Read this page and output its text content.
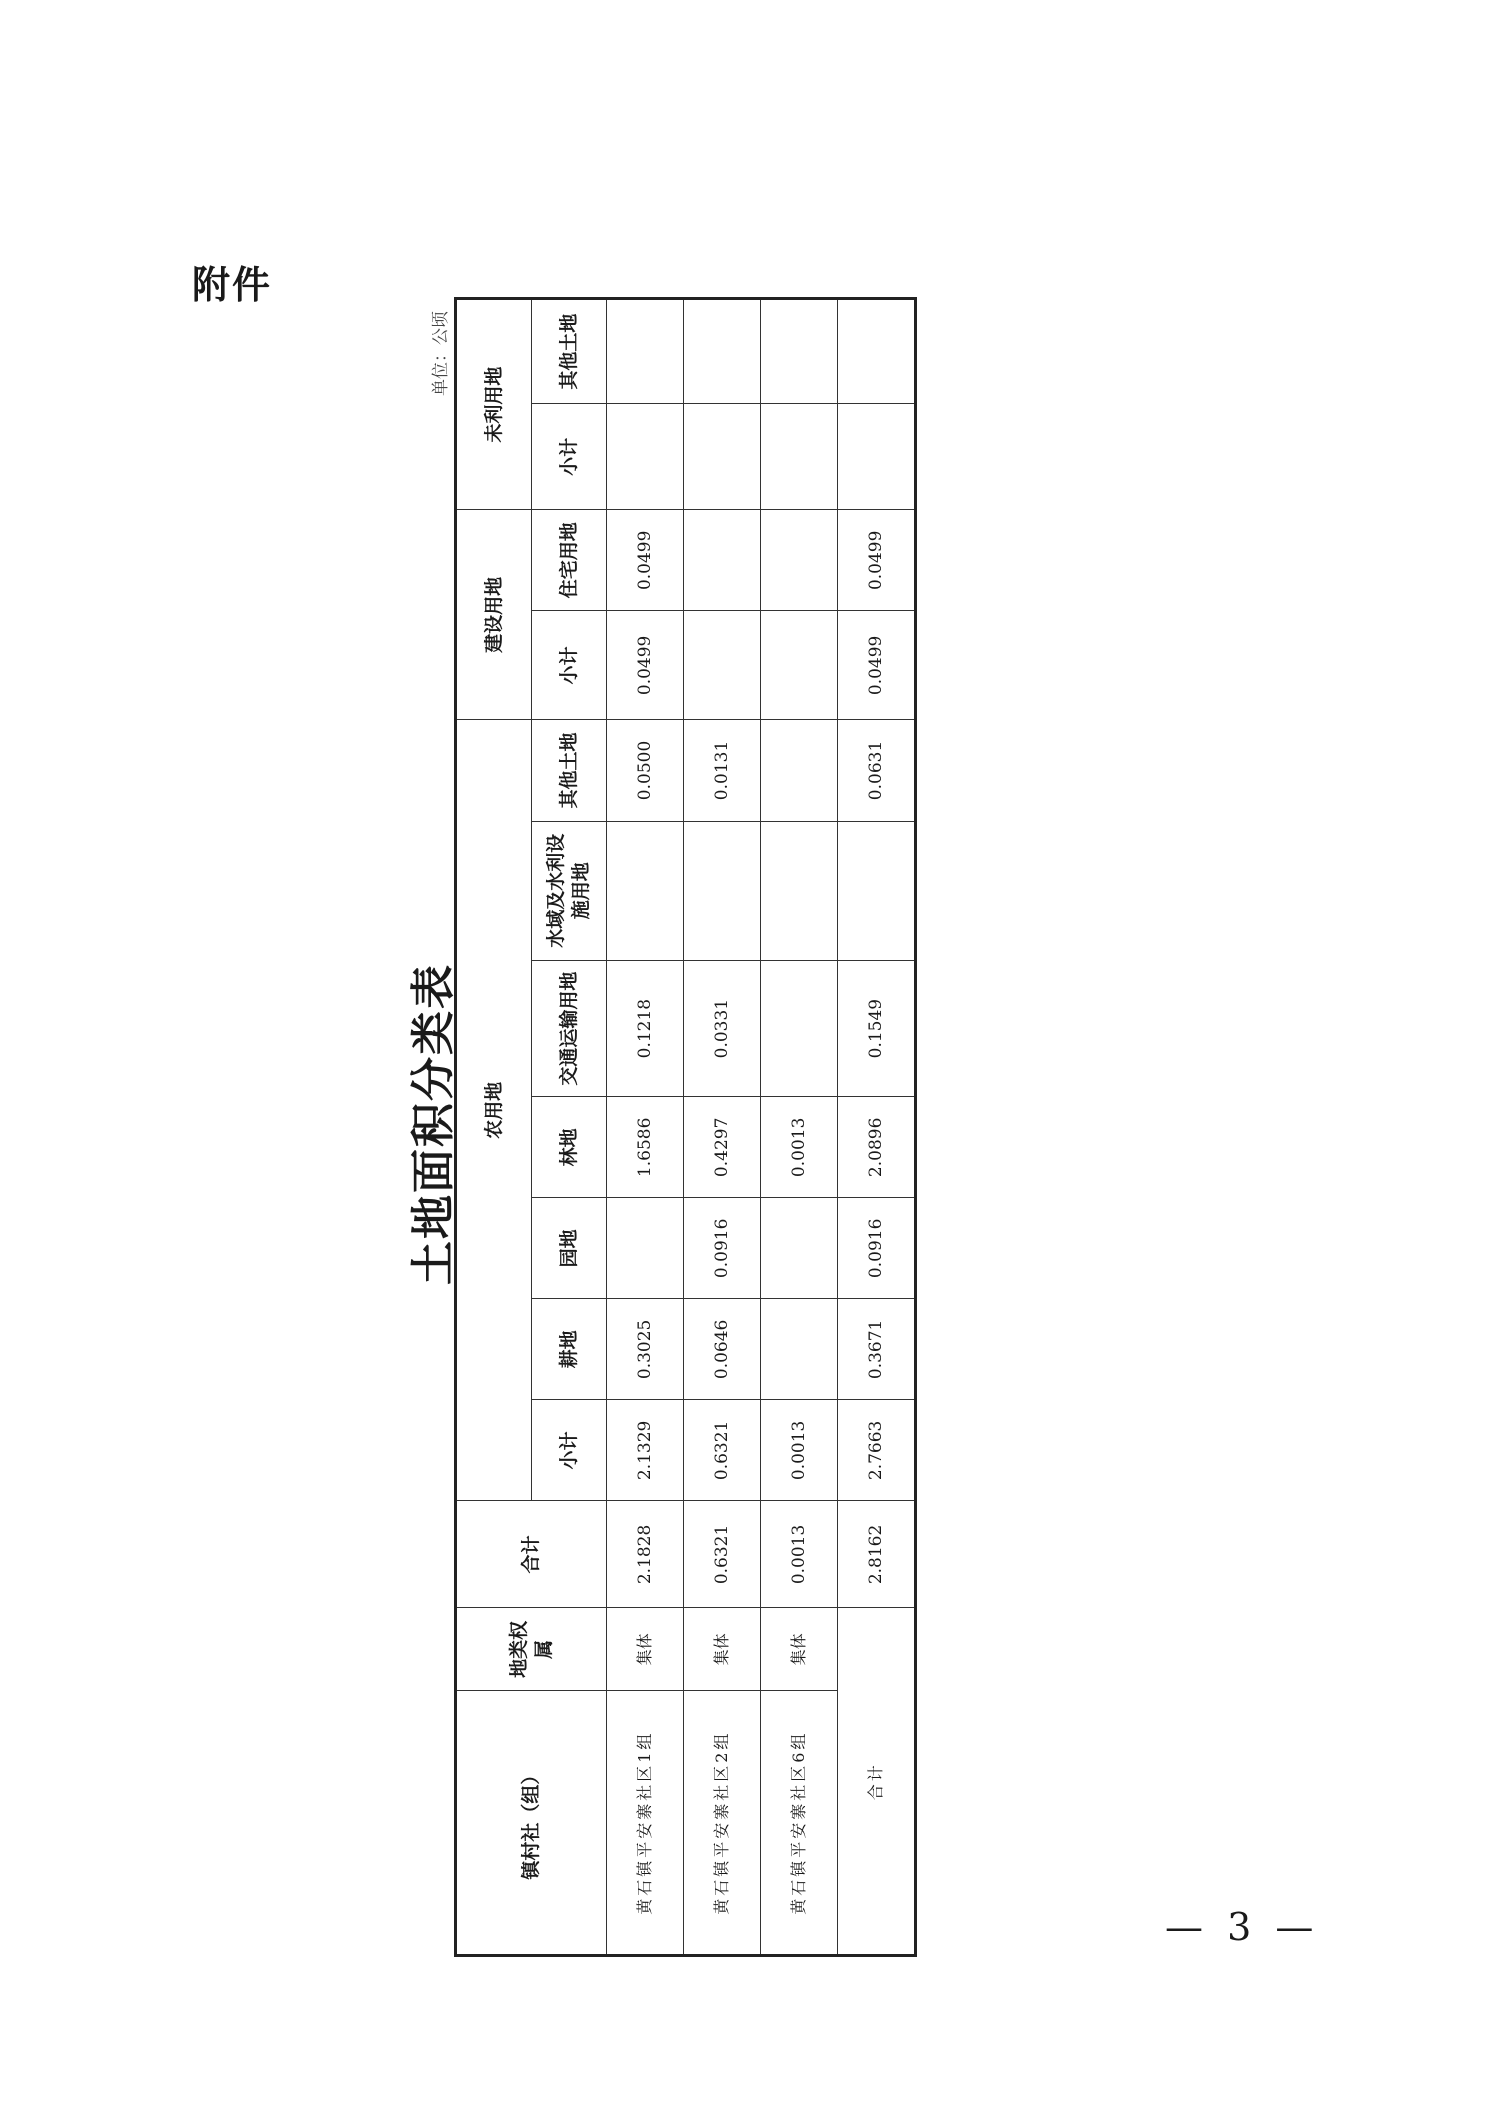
附件
土地面积分类表
单位：公顷
镇村社（组）	地类权属	合计	农用地							建设用地		未利用地	
			小计	耕地	园地	林地	交通运输用地	水域及水利设施用地	其他土地	小计	住宅用地	小计	其他土地
黄石镇平安寨社区1组	集体	2.1828	2.1329	0.3025		1.6586	0.1218		0.0500	0.0499	0.0499		
黄石镇平安寨社区2组	集体	0.6321	0.6321	0.0646	0.0916	0.4297	0.0331		0.0131				
黄石镇平安寨社区6组	集体	0.0013	0.0013			0.0013							
合计		2.8162	2.7663	0.3671	0.0916	2.0896	0.1549		0.0631	0.0499	0.0499		
— 3 —
